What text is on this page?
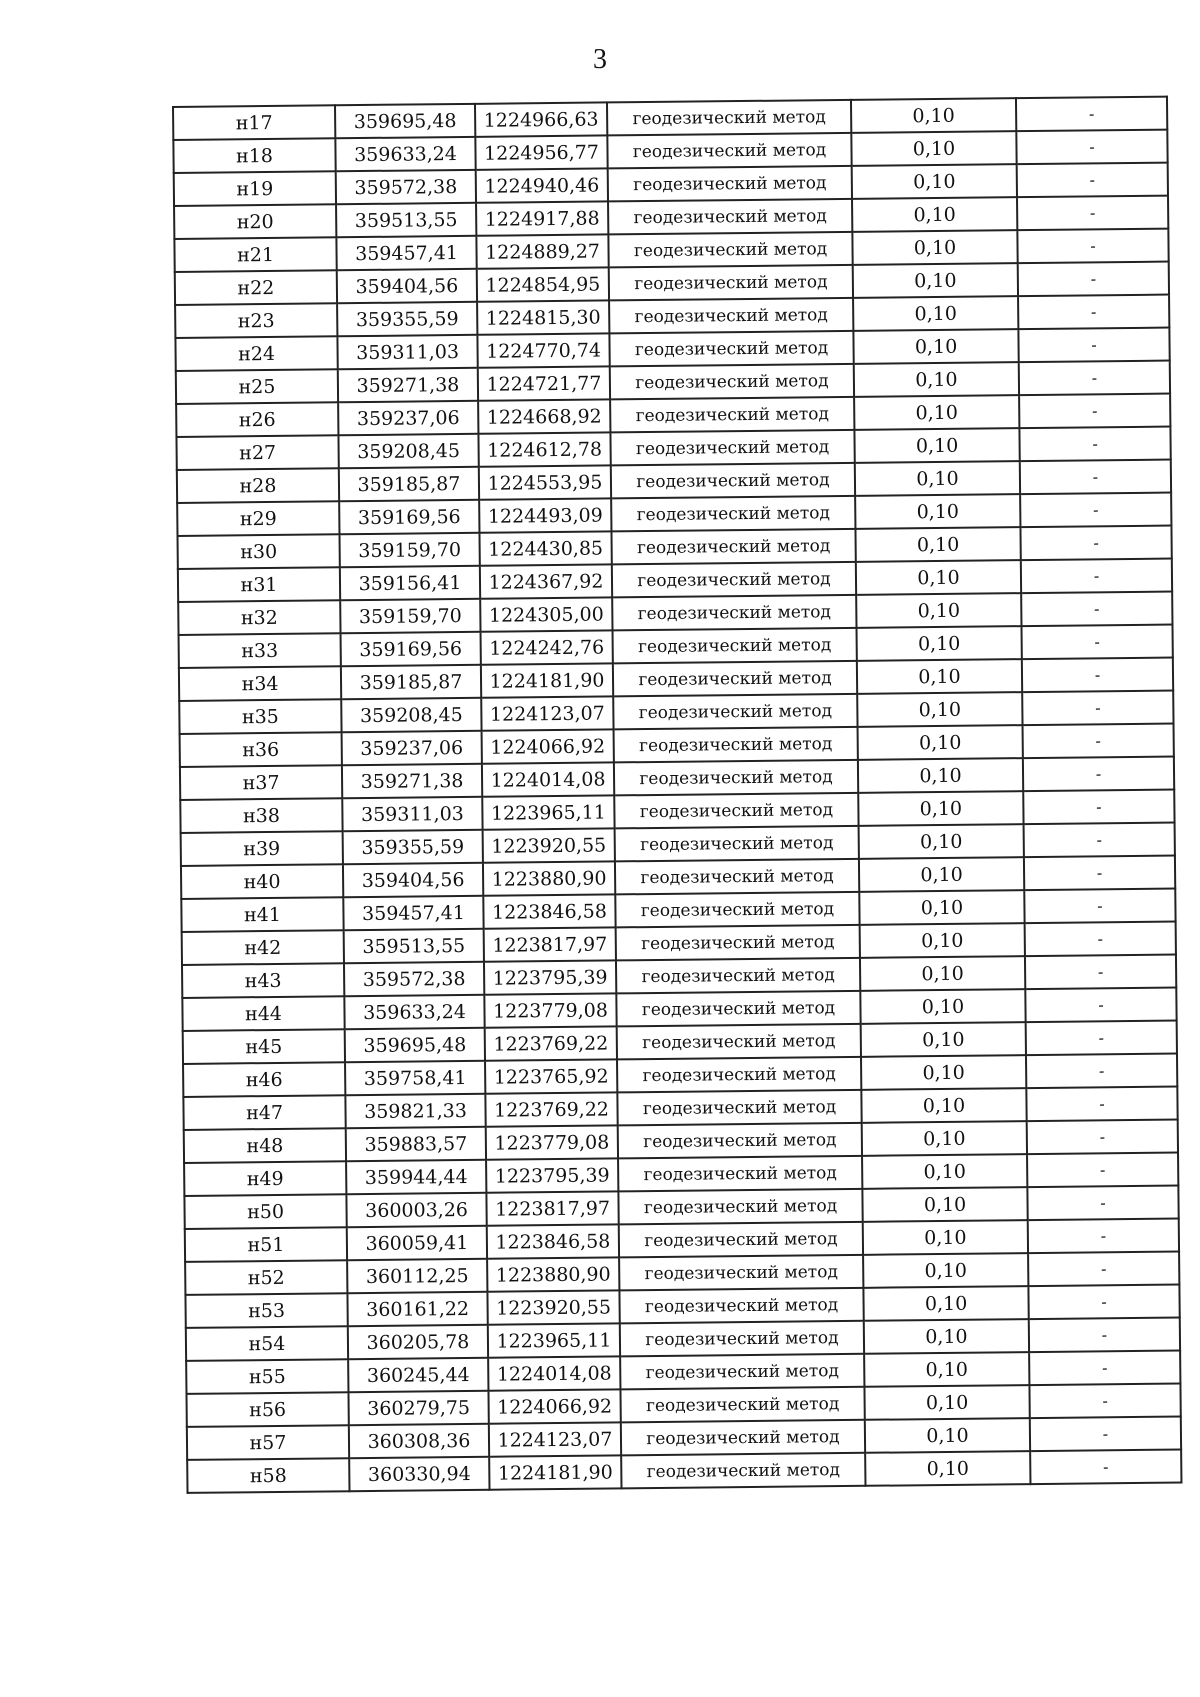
3
н17	359695,48	1224966,63	геодезический метод	0,10	-
н18	359633,24	1224956,77	геодезический метод	0,10	-
н19	359572,38	1224940,46	геодезический метод	0,10	-
н20	359513,55	1224917,88	геодезический метод	0,10	-
н21	359457,41	1224889,27	геодезический метод	0,10	-
н22	359404,56	1224854,95	геодезический метод	0,10	-
н23	359355,59	1224815,30	геодезический метод	0,10	-
н24	359311,03	1224770,74	геодезический метод	0,10	-
н25	359271,38	1224721,77	геодезический метод	0,10	-
н26	359237,06	1224668,92	геодезический метод	0,10	-
н27	359208,45	1224612,78	геодезический метод	0,10	-
н28	359185,87	1224553,95	геодезический метод	0,10	-
н29	359169,56	1224493,09	геодезический метод	0,10	-
н30	359159,70	1224430,85	геодезический метод	0,10	-
н31	359156,41	1224367,92	геодезический метод	0,10	-
н32	359159,70	1224305,00	геодезический метод	0,10	-
н33	359169,56	1224242,76	геодезический метод	0,10	-
н34	359185,87	1224181,90	геодезический метод	0,10	-
н35	359208,45	1224123,07	геодезический метод	0,10	-
н36	359237,06	1224066,92	геодезический метод	0,10	-
н37	359271,38	1224014,08	геодезический метод	0,10	-
н38	359311,03	1223965,11	геодезический метод	0,10	-
н39	359355,59	1223920,55	геодезический метод	0,10	-
н40	359404,56	1223880,90	геодезический метод	0,10	-
н41	359457,41	1223846,58	геодезический метод	0,10	-
н42	359513,55	1223817,97	геодезический метод	0,10	-
н43	359572,38	1223795,39	геодезический метод	0,10	-
н44	359633,24	1223779,08	геодезический метод	0,10	-
н45	359695,48	1223769,22	геодезический метод	0,10	-
н46	359758,41	1223765,92	геодезический метод	0,10	-
н47	359821,33	1223769,22	геодезический метод	0,10	-
н48	359883,57	1223779,08	геодезический метод	0,10	-
н49	359944,44	1223795,39	геодезический метод	0,10	-
н50	360003,26	1223817,97	геодезический метод	0,10	-
н51	360059,41	1223846,58	геодезический метод	0,10	-
н52	360112,25	1223880,90	геодезический метод	0,10	-
н53	360161,22	1223920,55	геодезический метод	0,10	-
н54	360205,78	1223965,11	геодезический метод	0,10	-
н55	360245,44	1224014,08	геодезический метод	0,10	-
н56	360279,75	1224066,92	геодезический метод	0,10	-
н57	360308,36	1224123,07	геодезический метод	0,10	-
н58	360330,94	1224181,90	геодезический метод	0,10	-
